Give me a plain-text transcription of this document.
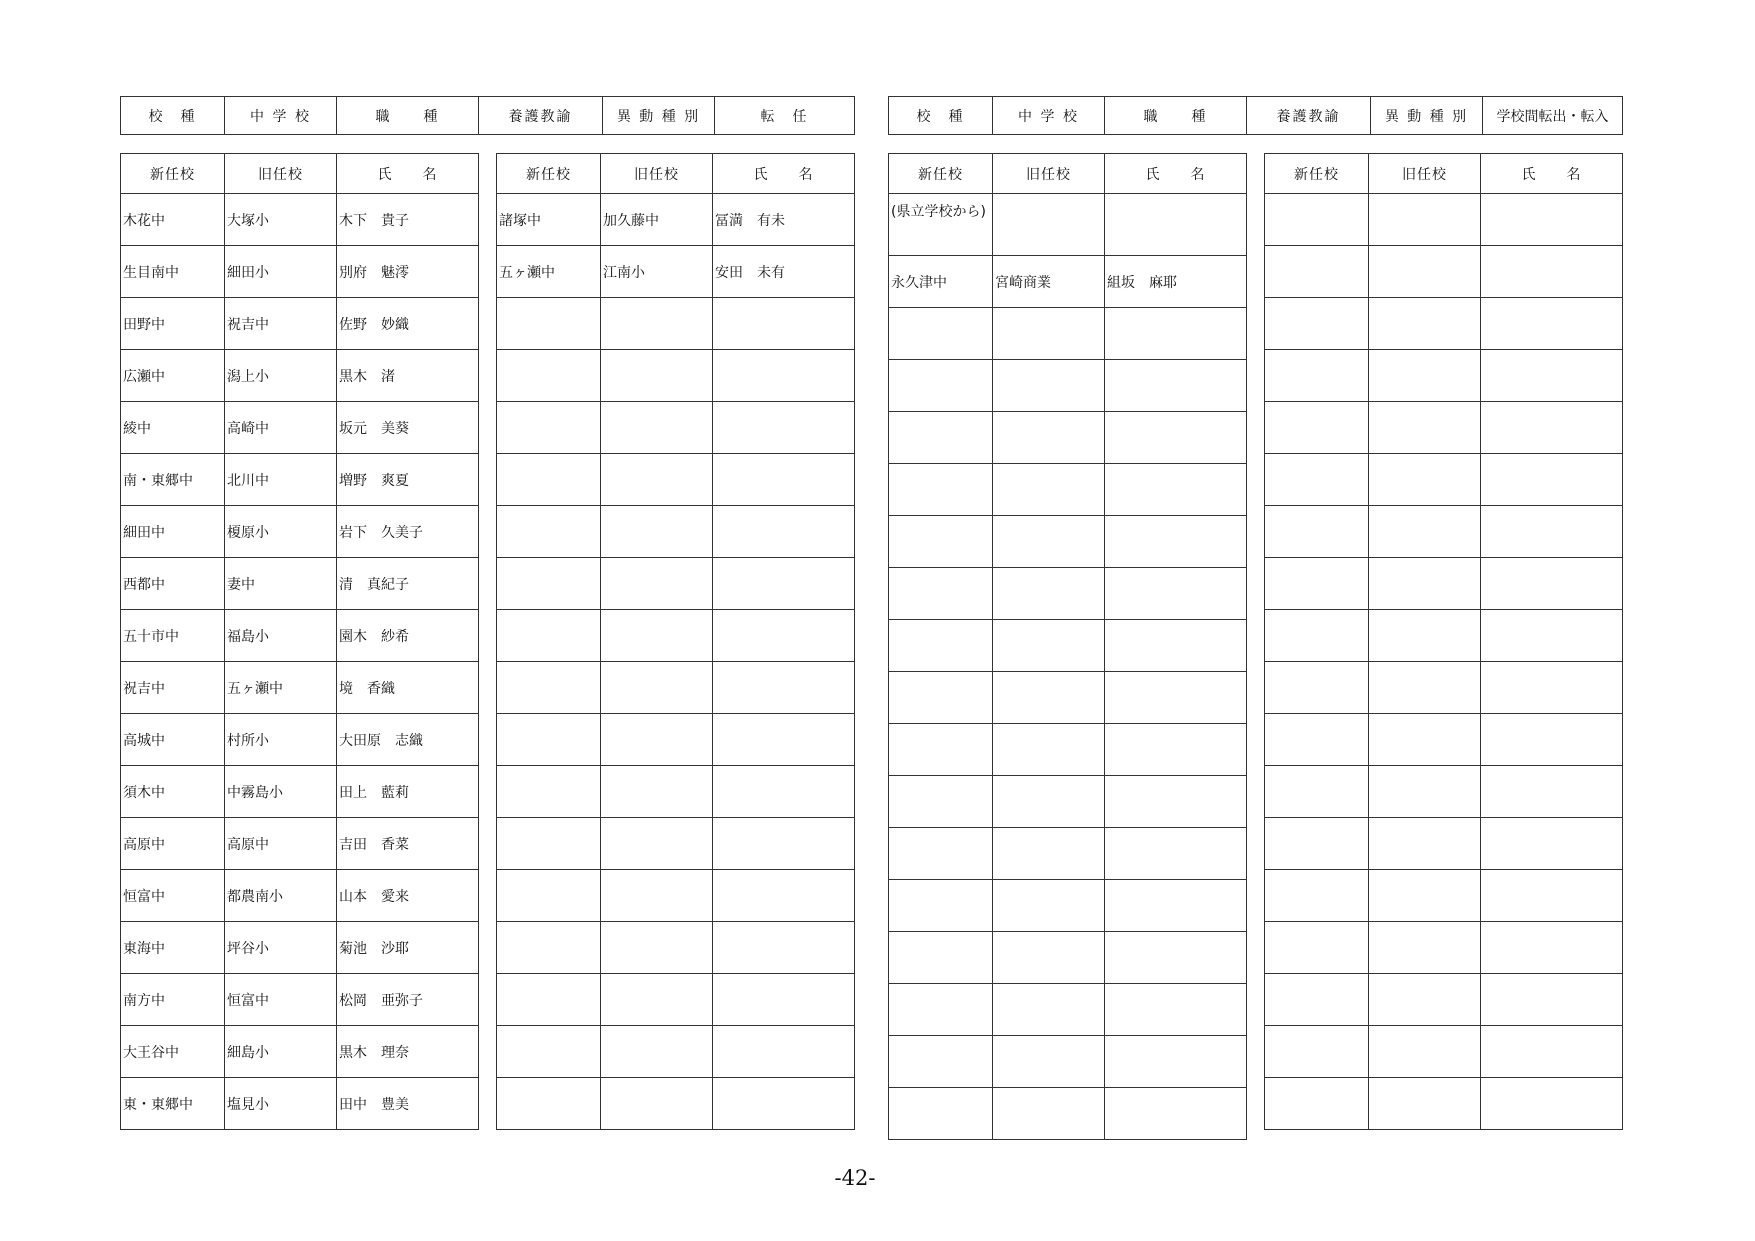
校　種	中 学 校	職　　種	養護教諭	異 動 種 別	転　任	校　種	中 学 校	職　　種	養護教諭	異 動 種 別	学校間転出・転入
新任校	旧任校	氏　　名
木花中	大塚小	木下　貴子
生目南中	細田小	別府　魅澪
田野中	祝吉中	佐野　妙織
広瀬中	潟上小	黒木　渚
綾中	高崎中	坂元　美葵
南・東郷中	北川中	増野　爽夏
細田中	榎原小	岩下　久美子
西都中	妻中	清　真紀子
五十市中	福島小	園木　紗希
祝吉中	五ヶ瀬中	境　香織
高城中	村所小	大田原　志織
須木中	中霧島小	田上　藍莉
高原中	高原中	吉田　香菜
恒富中	都農南小	山本　愛来
東海中	坪谷小	菊池　沙耶
南方中	恒富中	松岡　亜弥子
大王谷中	細島小	黒木　理奈
東・東郷中	塩見小	田中　豊美
新任校	旧任校	氏　　名
諸塚中	加久藤中	冨満　有未
五ヶ瀬中	江南小	安田　未有

新任校	旧任校	氏　　名
(県立学校から)		
永久津中	宮崎商業	組坂　麻耶

新任校	旧任校	氏　　名

-42-
